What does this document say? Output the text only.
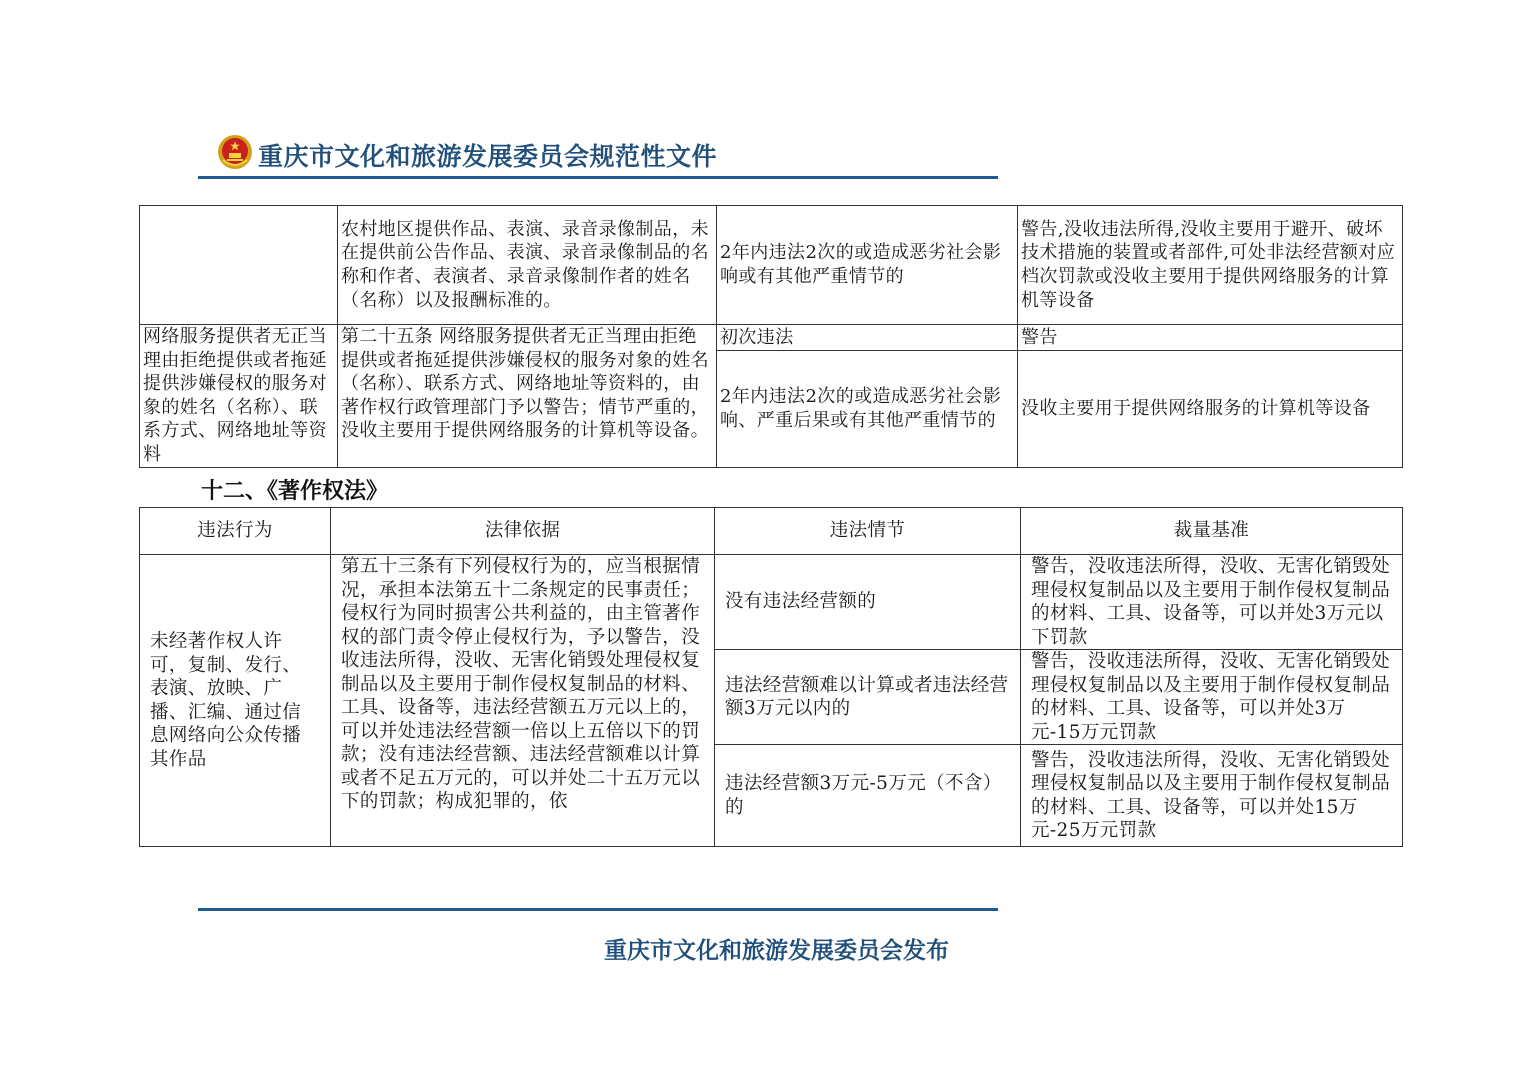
重庆市文化和旅游发展委员会规范性文件
	农村地区提供作品、表演、录音录像制品，未在提供前公告作品、表演、录音录像制品的名称和作者、表演者、录音录像制作者的姓名（名称）以及报酬标准的。	2年内违法2次的或造成恶劣社会影响或有其他严重情节的	警告,没收违法所得,没收主要用于避开、破坏技术措施的装置或者部件,可处非法经营额对应档次罚款或没收主要用于提供网络服务的计算机等设备
网络服务提供者无正当理由拒绝提供或者拖延提供涉嫌侵权的服务对象的姓名（名称）、联系方式、网络地址等资料	第二十五条 网络服务提供者无正当理由拒绝提供或者拖延提供涉嫌侵权的服务对象的姓名（名称）、联系方式、网络地址等资料的，由著作权行政管理部门予以警告；情节严重的，没收主要用于提供网络服务的计算机等设备。	初次违法	警告
		2年内违法2次的或造成恶劣社会影响、严重后果或有其他严重情节的	没收主要用于提供网络服务的计算机等设备
十二、《著作权法》
违法行为	法律依据	违法情节	裁量基准
未经著作权人许可，复制、发行、表演、放映、广播、汇编、通过信息网络向公众传播其作品	第五十三条有下列侵权行为的，应当根据情况，承担本法第五十二条规定的民事责任；侵权行为同时损害公共利益的，由主管著作权的部门责令停止侵权行为，予以警告，没收违法所得，没收、无害化销毁处理侵权复制品以及主要用于制作侵权复制品的材料、工具、设备等，违法经营额五万元以上的，可以并处违法经营额一倍以上五倍以下的罚款；没有违法经营额、违法经营额难以计算或者不足五万元的，可以并处二十五万元以下的罚款；构成犯罪的，依	没有违法经营额的	警告，没收违法所得，没收、无害化销毁处理侵权复制品以及主要用于制作侵权复制品的材料、工具、设备等，可以并处3万元以下罚款
		违法经营额难以计算或者违法经营额3万元以内的	警告，没收违法所得，没收、无害化销毁处理侵权复制品以及主要用于制作侵权复制品的材料、工具、设备等，可以并处3万元-15万元罚款
		违法经营额3万元-5万元（不含）的	警告，没收违法所得，没收、无害化销毁处理侵权复制品以及主要用于制作侵权复制品的材料、工具、设备等，可以并处15万元-25万元罚款
重庆市文化和旅游发展委员会发布
